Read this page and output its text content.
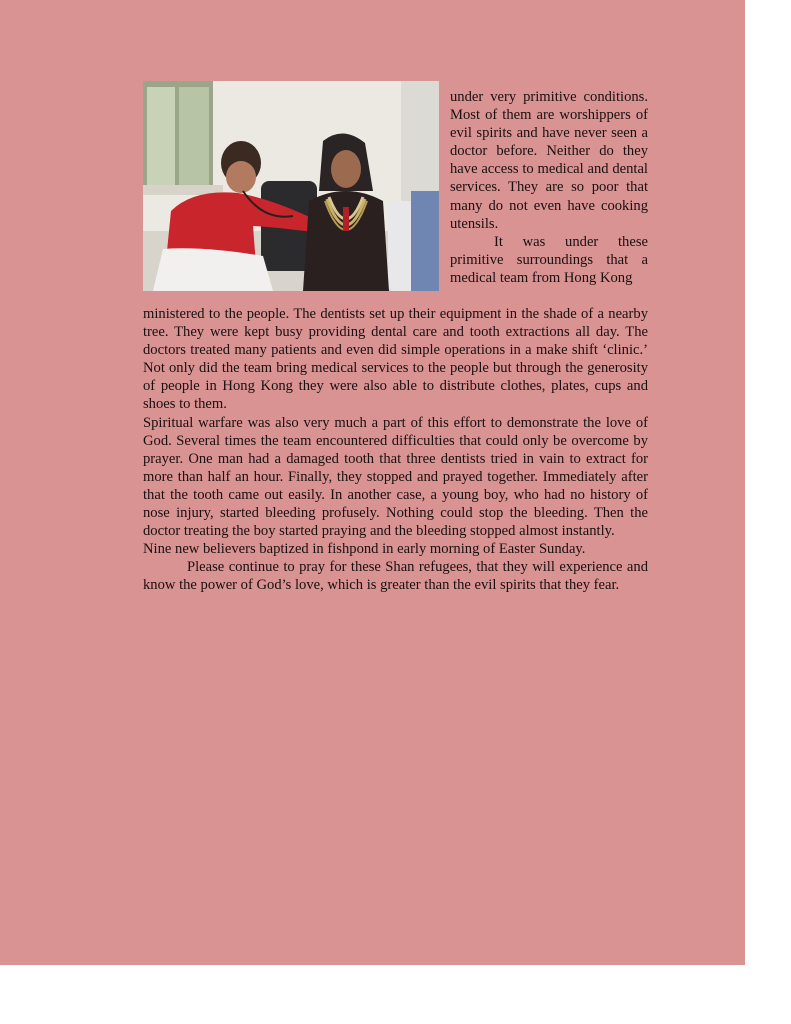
under very primitive conditions. Most of them are worshippers of evil spirits and have never seen a doctor before. Neither do they have access to medical and dental services. They are so poor that many do not even have cooking utensils.

It was under these primitive surroundings that a medical team from Hong Kong

ministered to the people. The dentists set up their equipment in the shade of a nearby tree. They were kept busy providing dental care and tooth extractions all day. The doctors treated many patients and even did simple operations in a make shift ‘clinic.’ Not only did the team bring medical services to the people but through the generosity of people in Hong Kong they were also able to distribute clothes, plates, cups and shoes to them.

Spiritual warfare was also very much a part of this effort to demonstrate the love of God. Several times the team encountered difficulties that could only be overcome by prayer. One man had a damaged tooth that three dentists tried in vain to extract for more than half an hour. Finally, they stopped and prayed together. Immediately after that the tooth came out easily. In another case, a young boy, who had no history of nose injury, started bleeding profusely. Nothing could stop the bleeding. Then the doctor treating the boy started praying and the bleeding stopped almost instantly.

Nine new believers baptized in fishpond in early morning of Easter Sunday.

Please continue to pray for these Shan refugees, that they will experience and know the power of God’s love, which is greater than the evil spirits that they fear.
